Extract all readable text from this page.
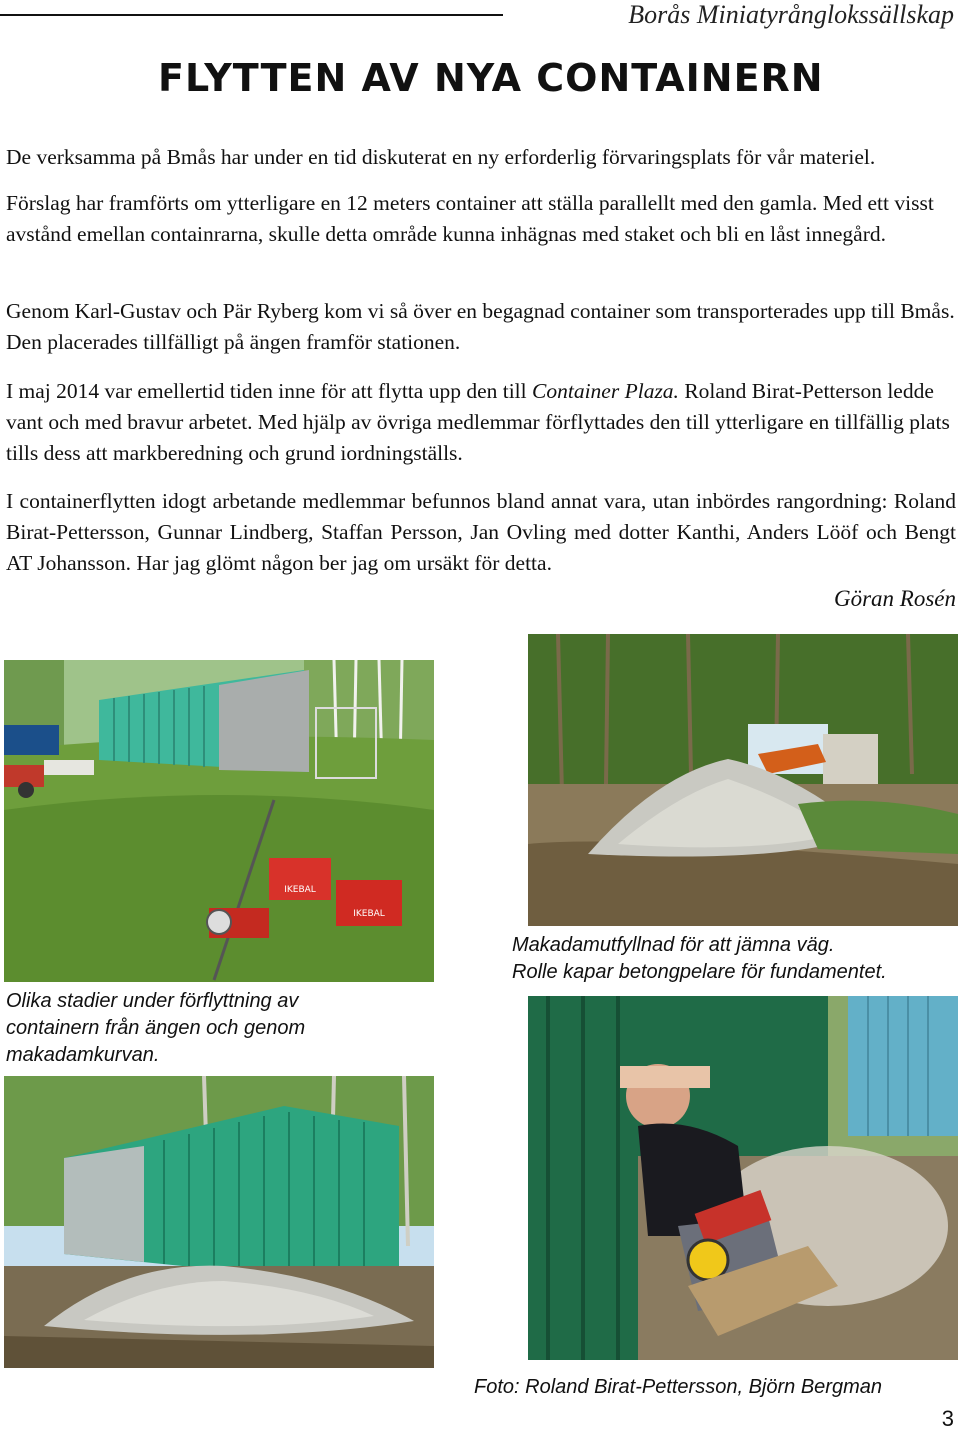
Borås Miniatyrånglokssällskap
FLYTTEN AV NYA CONTAINERN

De verksamma på Bmås har under en tid diskuterat en ny erforderlig förvaringsplats för vår materiel.

Förslag har framförts om ytterligare en 12 meters container att ställa parallellt med den gamla. Med ett visst avstånd emellan containrarna, skulle detta område kunna inhägnas med staket och bli en låst innegård.

Genom Karl-Gustav och Pär Ryberg kom vi så över en begagnad container som transporterades upp till Bmås. Den placerades tillfälligt på ängen framför stationen.

I maj 2014 var emellertid tiden inne för att flytta upp den till Container Plaza. Roland Birat-Petterson ledde vant och med bravur arbetet. Med hjälp av övriga medlemmar förflyttades den till ytterligare en tillfällig plats tills dess att markberedning och grund iordningställs.

I containerflytten idogt arbetande medlemmar befunnos bland annat vara, utan inbördes rangordning: Roland Birat-Pettersson, Gunnar Lindberg, Staffan Persson, Jan Ovling med dotter Kanthi, Anders Lööf och Bengt AT Johansson. Har jag glömt någon ber jag om ursäkt för detta.

Göran Rosén
IKEBAL
IKEBAL
Makadamutfyllnad för att jämna väg.
Rolle kapar betongpelare för fundamentet.
Olika stadier under förflyttning av containern från ängen och genom makadamkurvan.
Foto: Roland Birat-Pettersson, Björn Bergman
3
